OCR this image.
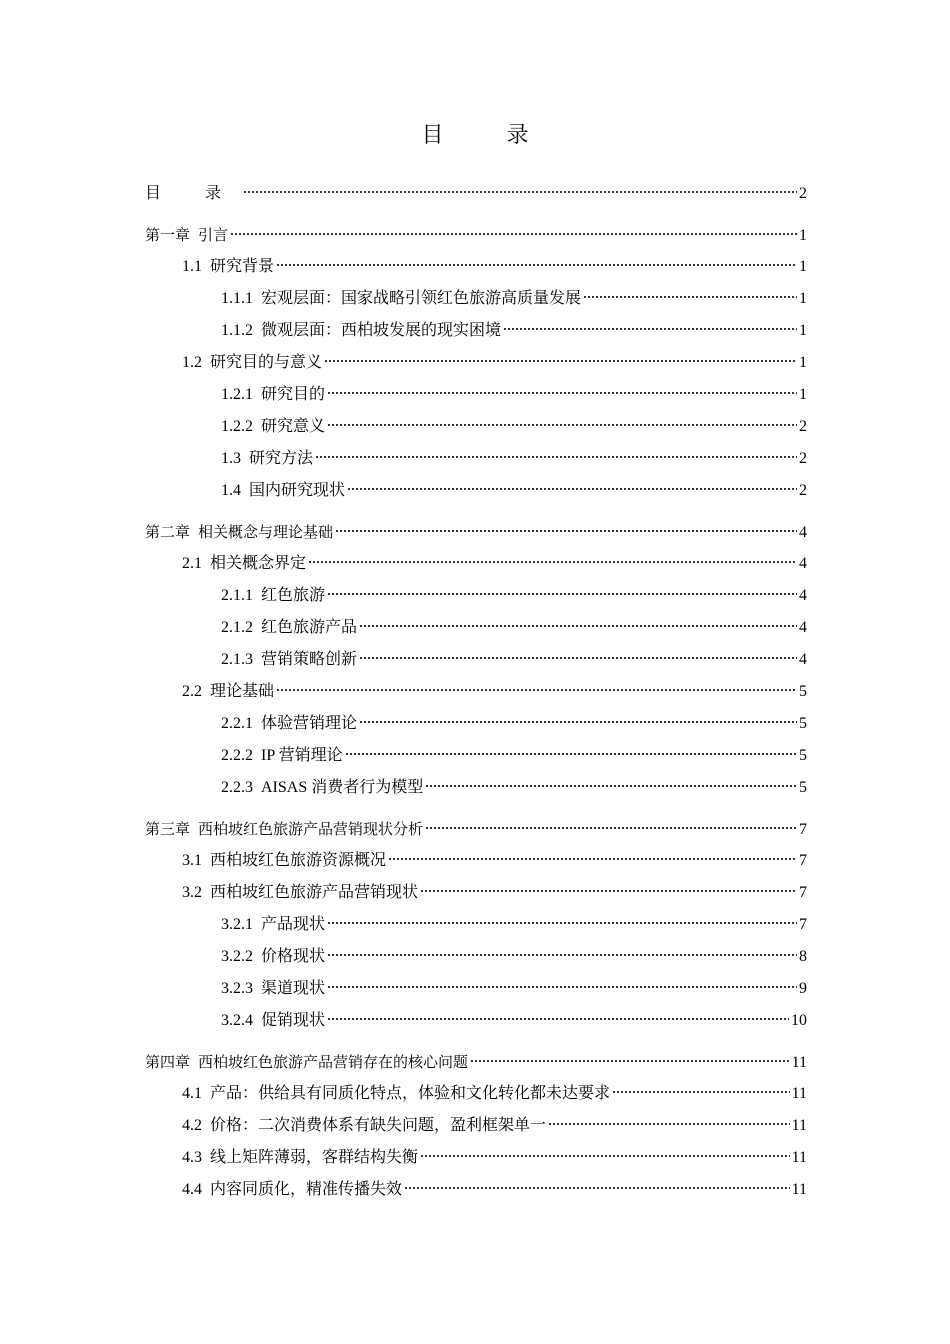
目 录
目 录	2
第一章 引言	1
1.1 研究背景	1
1.1.1 宏观层面：国家战略引领红色旅游高质量发展	1
1.1.2 微观层面：西柏坡发展的现实困境	1
1.2 研究目的与意义	1
1.2.1 研究目的	1
1.2.2 研究意义	2
1.3 研究方法	2
1.4 国内研究现状	2
第二章 相关概念与理论基础	4
2.1 相关概念界定	4
2.1.1 红色旅游	4
2.1.2 红色旅游产品	4
2.1.3 营销策略创新	4
2.2 理论基础	5
2.2.1 体验营销理论	5
2.2.2 IP 营销理论	5
2.2.3 AISAS 消费者行为模型	5
第三章 西柏坡红色旅游产品营销现状分析	7
3.1 西柏坡红色旅游资源概况	7
3.2 西柏坡红色旅游产品营销现状	7
3.2.1 产品现状	7
3.2.2 价格现状	8
3.2.3 渠道现状	9
3.2.4 促销现状	10
第四章 西柏坡红色旅游产品营销存在的核心问题	11
4.1 产品：供给具有同质化特点，体验和文化转化都未达要求	11
4.2 价格：二次消费体系有缺失问题，盈利框架单一	11
4.3 线上矩阵薄弱，客群结构失衡	11
4.4 内容同质化，精准传播失效	11
